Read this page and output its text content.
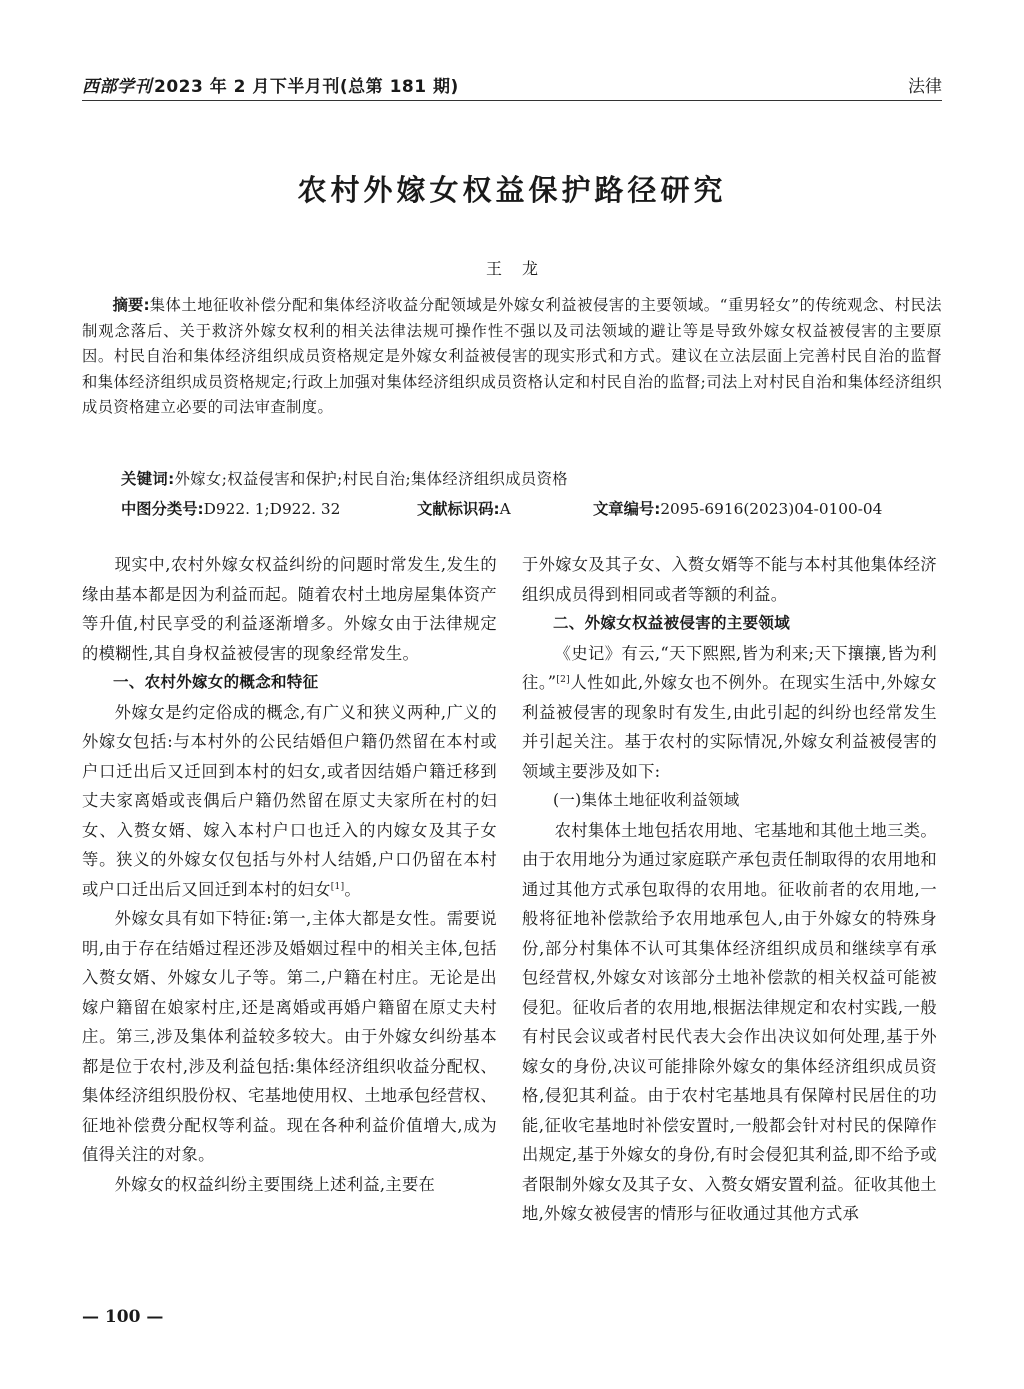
西部学刊 2023 年 2 月下半月刊(总第 181 期)	法律
农村外嫁女权益保护路径研究
王龙
摘要:集体土地征收补偿分配和集体经济收益分配领域是外嫁女利益被侵害的主要领域。“重男轻女”的传统观念、村民法制观念落后、关于救济外嫁女权利的相关法律法规可操作性不强以及司法领域的避让等是导致外嫁女权益被侵害的主要原因。村民自治和集体经济组织成员资格规定是外嫁女利益被侵害的现实形式和方式。建议在立法层面上完善村民自治的监督和集体经济组织成员资格规定;行政上加强对集体经济组织成员资格认定和村民自治的监督;司法上对村民自治和集体经济组织成员资格建立必要的司法审查制度。
关键词:外嫁女;权益侵害和保护;村民自治;集体经济组织成员资格
中图分类号:D922. 1;D922. 32	文献标识码:A	文章编号:2095-6916(2023)04-0100-04

现实中,农村外嫁女权益纠纷的问题时常发生,发生的缘由基本都是因为利益而起。随着农村土地房屋集体资产等升值,村民享受的利益逐渐增多。外嫁女由于法律规定的模糊性,其自身权益被侵害的现象经常发生。

一、农村外嫁女的概念和特征

外嫁女是约定俗成的概念,有广义和狭义两种,广义的外嫁女包括:与本村外的公民结婚但户籍仍然留在本村或户口迁出后又迁回到本村的妇女,或者因结婚户籍迁移到丈夫家离婚或丧偶后户籍仍然留在原丈夫家所在村的妇女、入赘女婿、嫁入本村户口也迁入的内嫁女及其子女等。狭义的外嫁女仅包括与外村人结婚,户口仍留在本村或户口迁出后又回迁到本村的妇女[1]。

外嫁女具有如下特征:第一,主体大都是女性。需要说明,由于存在结婚过程还涉及婚姻过程中的相关主体,包括入赘女婿、外嫁女儿子等。第二,户籍在村庄。无论是出嫁户籍留在娘家村庄,还是离婚或再婚户籍留在原丈夫村庄。第三,涉及集体利益较多较大。由于外嫁女纠纷基本都是位于农村,涉及利益包括:集体经济组织收益分配权、集体经济组织股份权、宅基地使用权、土地承包经营权、征地补偿费分配权等利益。现在各种利益价值增大,成为值得关注的对象。

外嫁女的权益纠纷主要围绕上述利益,主要在

于外嫁女及其子女、入赘女婿等不能与本村其他集体经济组织成员得到相同或者等额的利益。

二、外嫁女权益被侵害的主要领域

《史记》有云,“天下熙熙,皆为利来;天下攘攘,皆为利往。”[2]人性如此,外嫁女也不例外。在现实生活中,外嫁女利益被侵害的现象时有发生,由此引起的纠纷也经常发生并引起关注。基于农村的实际情况,外嫁女利益被侵害的领域主要涉及如下:

(一)集体土地征收利益领域

农村集体土地包括农用地、宅基地和其他土地三类。由于农用地分为通过家庭联产承包责任制取得的农用地和通过其他方式承包取得的农用地。征收前者的农用地,一般将征地补偿款给予农用地承包人,由于外嫁女的特殊身份,部分村集体不认可其集体经济组织成员和继续享有承包经营权,外嫁女对该部分土地补偿款的相关权益可能被侵犯。征收后者的农用地,根据法律规定和农村实践,一般有村民会议或者村民代表大会作出决议如何处理,基于外嫁女的身份,决议可能排除外嫁女的集体经济组织成员资格,侵犯其利益。由于农村宅基地具有保障村民居住的功能,征收宅基地时补偿安置时,一般都会针对村民的保障作出规定,基于外嫁女的身份,有时会侵犯其利益,即不给予或者限制外嫁女及其子女、入赘女婿安置利益。征收其他土地,外嫁女被侵害的情形与征收通过其他方式承

— 100 —
